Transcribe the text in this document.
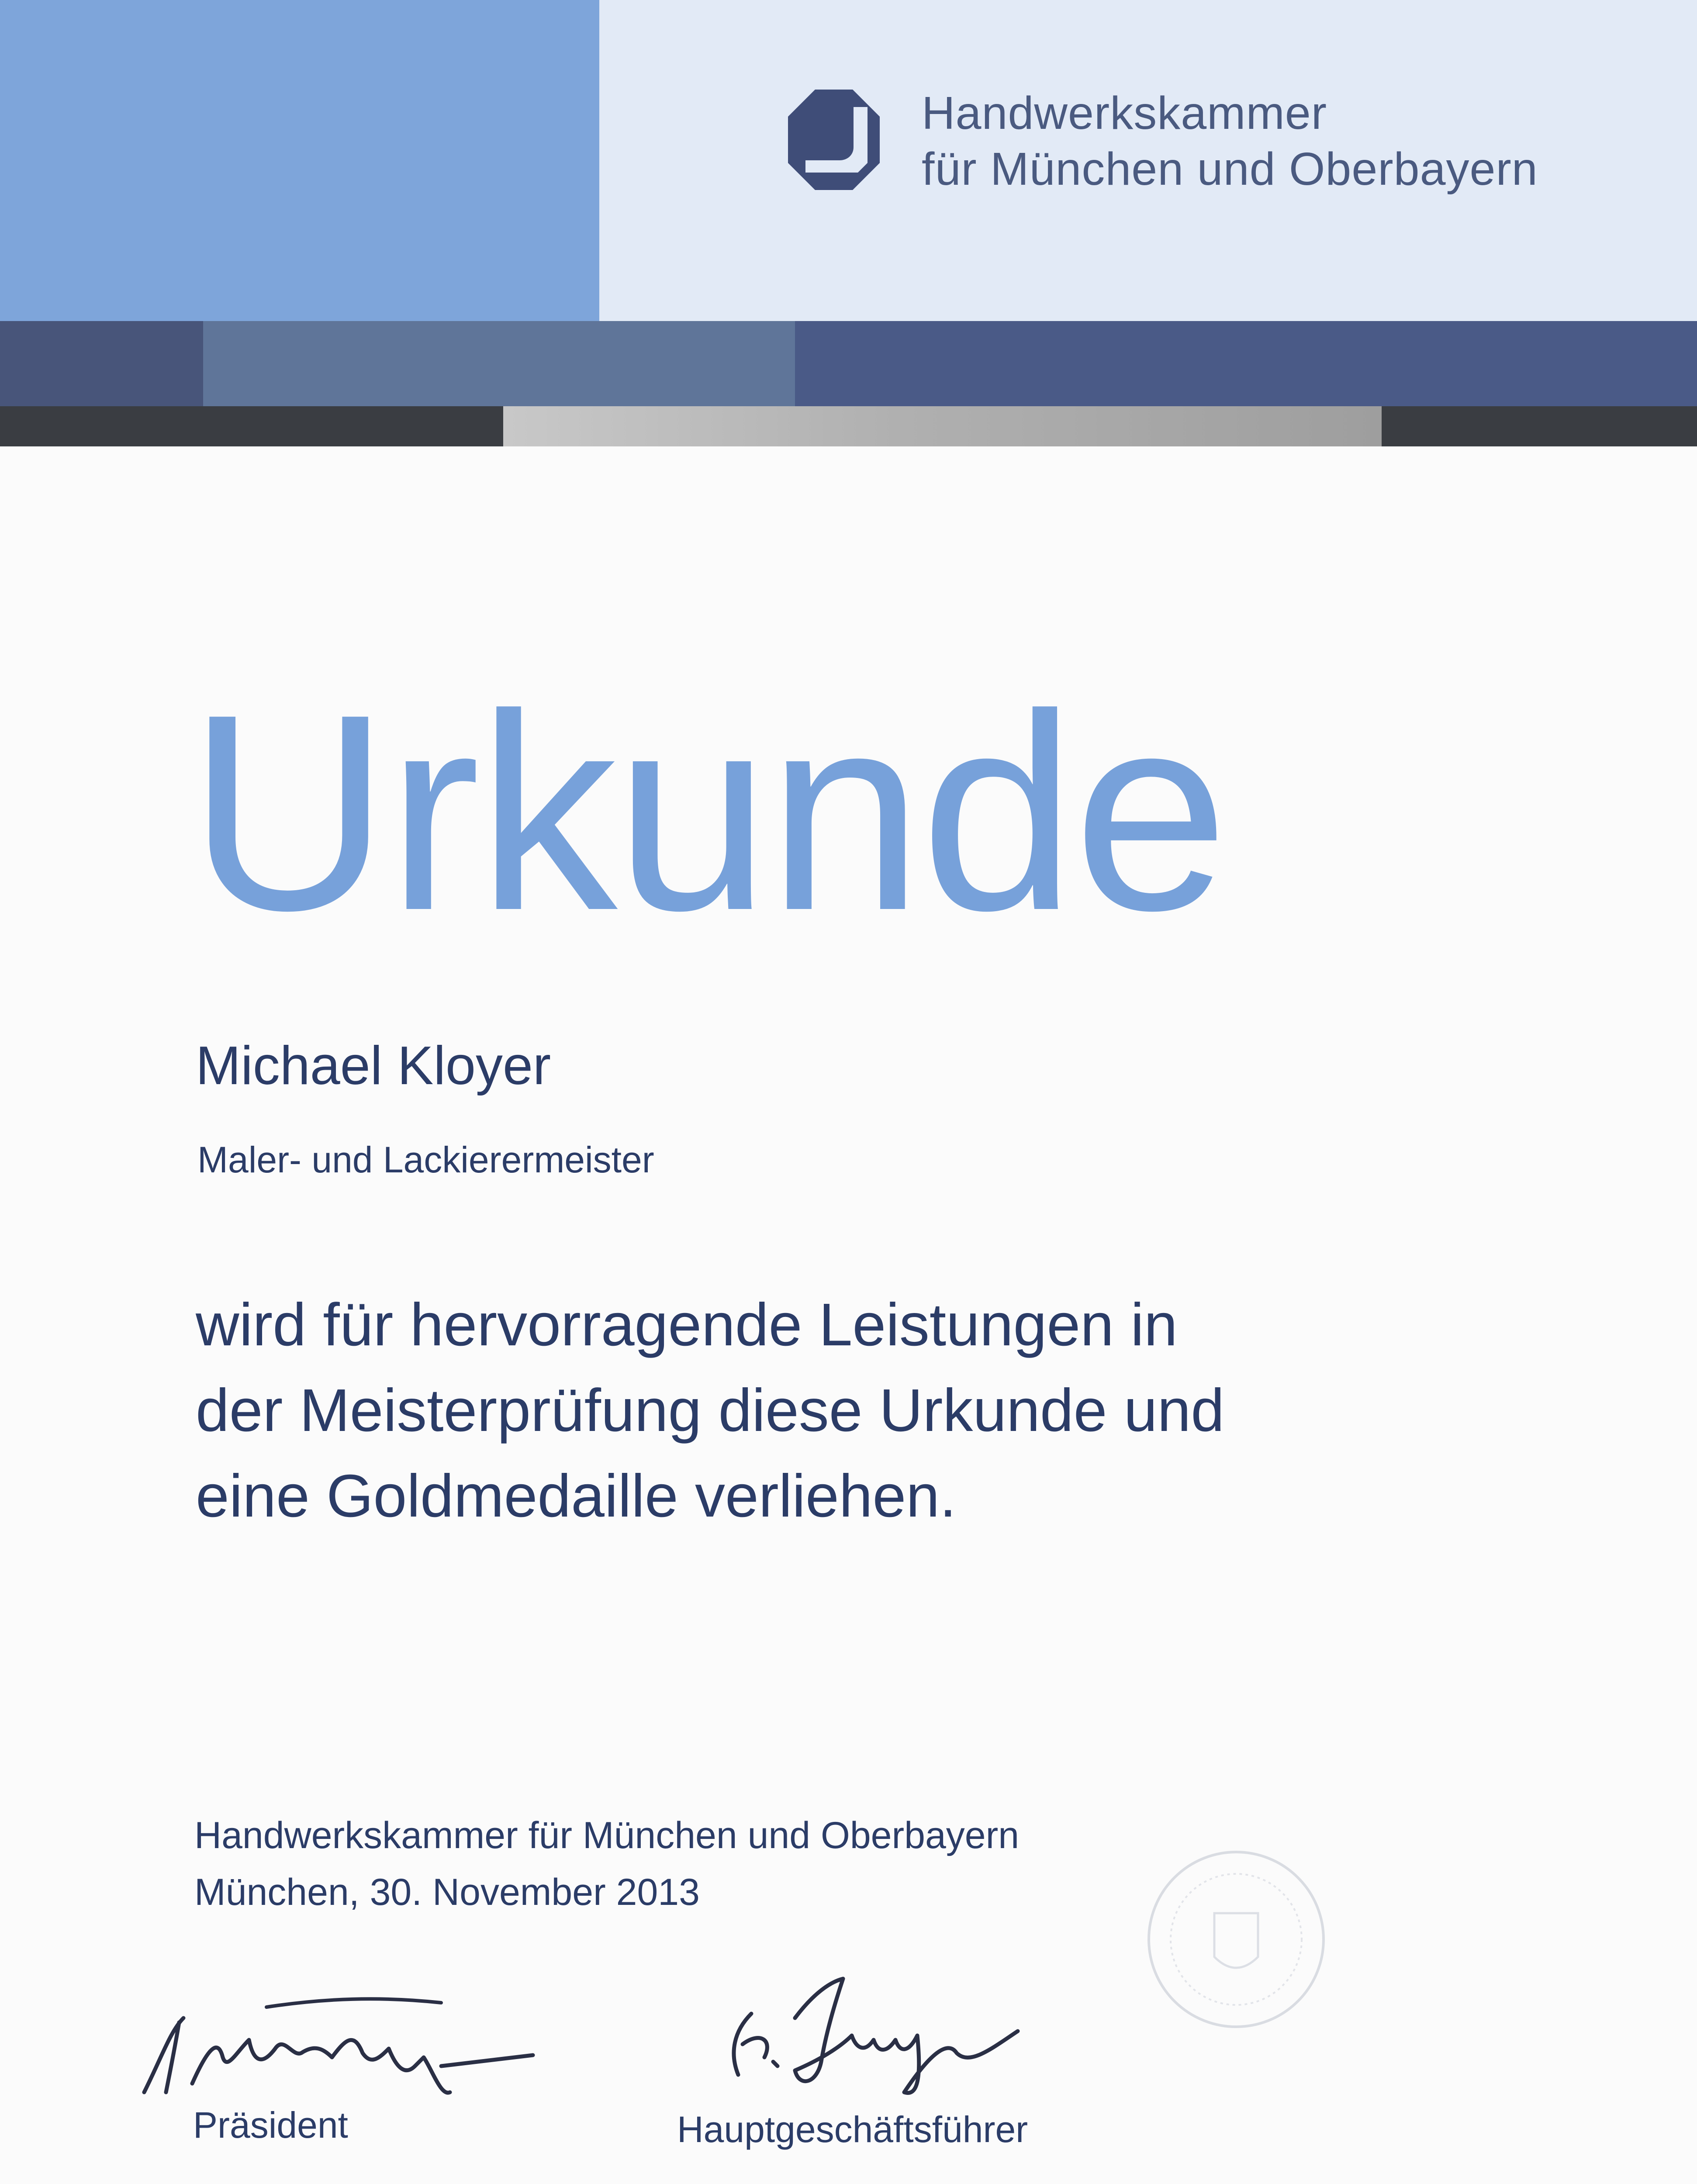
Handwerkskammer
für München und Oberbayern
Urkunde
Michael Kloyer
Maler- und Lackierermeister
wird für hervorragende Leistungen in
der Meisterprüfung diese Urkunde und
eine Goldmedaille verliehen.
Handwerkskammer für München und Oberbayern
München, 30. November 2013
Präsident	Hauptgeschäftsführer
